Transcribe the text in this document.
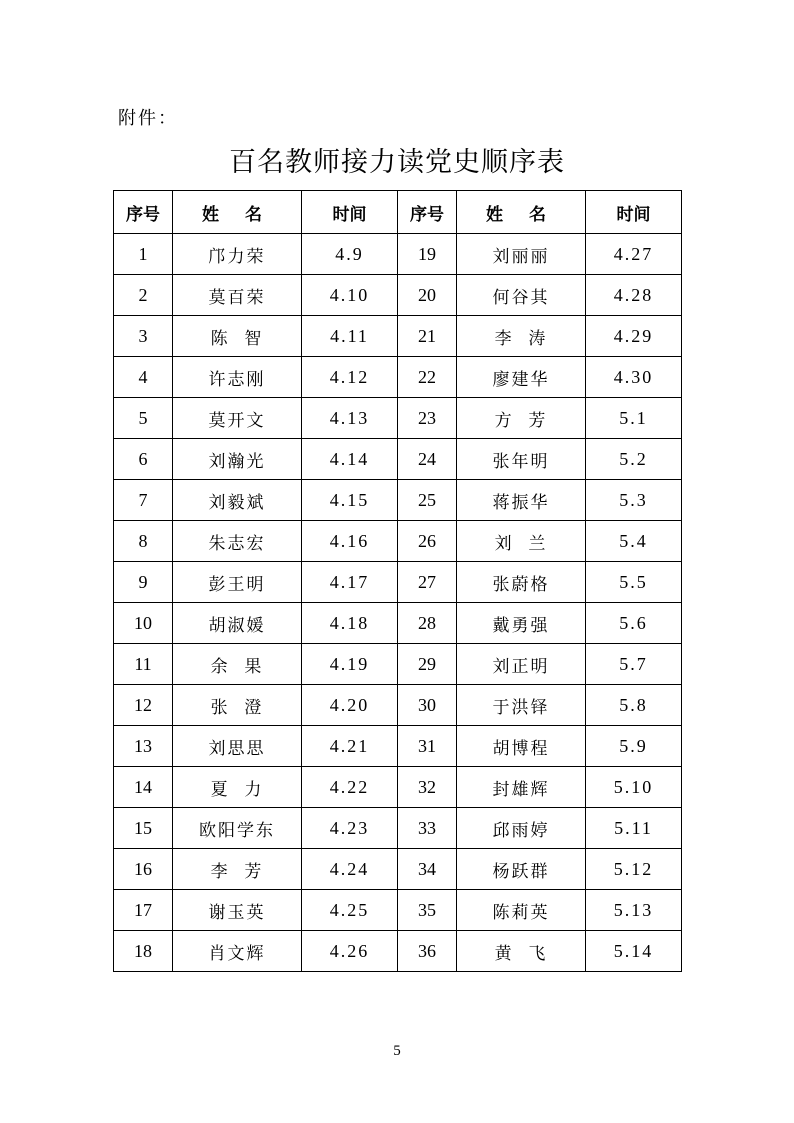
附件：
百名教师接力读党史顺序表
序号	姓 名	时间	序号	姓 名	时间
1	邝力荣	4.9	19	刘丽丽	4.27
2	莫百荣	4.10	20	何谷其	4.28
3	陈  智	4.11	21	李  涛	4.29
4	许志刚	4.12	22	廖建华	4.30
5	莫开文	4.13	23	方  芳	5.1
6	刘瀚光	4.14	24	张年明	5.2
7	刘毅斌	4.15	25	蒋振华	5.3
8	朱志宏	4.16	26	刘  兰	5.4
9	彭王明	4.17	27	张蔚格	5.5
10	胡淑媛	4.18	28	戴勇强	5.6
11	余  果	4.19	29	刘正明	5.7
12	张  澄	4.20	30	于洪铎	5.8
13	刘思思	4.21	31	胡博程	5.9
14	夏  力	4.22	32	封雄辉	5.10
15	欧阳学东	4.23	33	邱雨婷	5.11
16	李  芳	4.24	34	杨跃群	5.12
17	谢玉英	4.25	35	陈莉英	5.13
18	肖文辉	4.26	36	黄  飞	5.14
5
